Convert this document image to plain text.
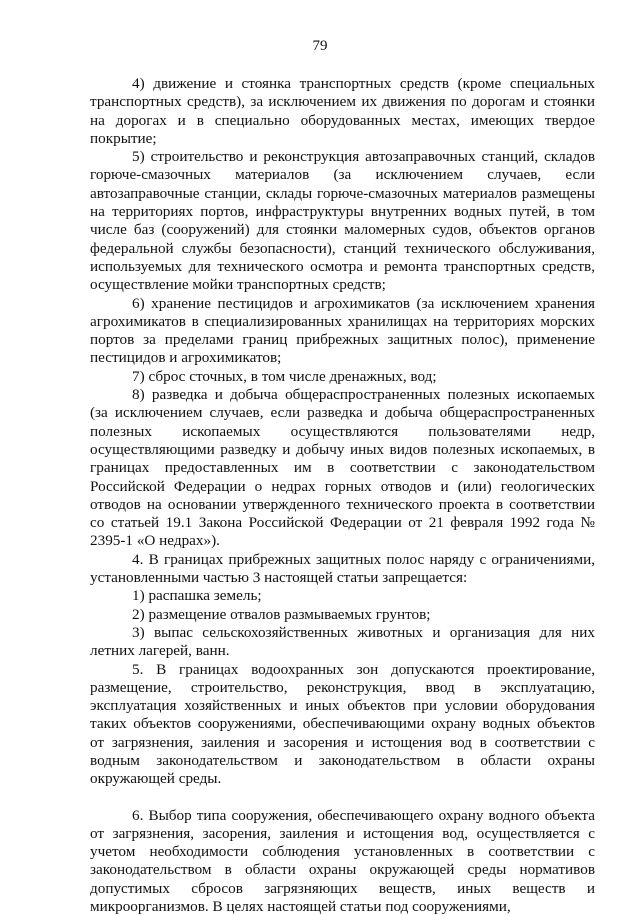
79

4) движение и стоянка транспортных средств (кроме специальных транспортных средств), за исключением их движения по дорогам и стоянки на дорогах и в специально оборудованных местах, имеющих твердое покрытие;

5) строительство и реконструкция автозаправочных станций, складов горюче-смазочных материалов (за исключением случаев, если автозаправочные станции, склады горюче-смазочных материалов размещены на территориях портов, инфраструктуры внутренних водных путей, в том числе баз (сооружений) для стоянки маломерных судов, объектов органов федеральной службы безопасности), станций технического обслуживания, используемых для технического осмотра и ремонта транспортных средств, осуществление мойки транспортных средств;

6) хранение пестицидов и агрохимикатов (за исключением хранения агрохимикатов в специализированных хранилищах на территориях морских портов за пределами границ прибрежных защитных полос), применение пестицидов и агрохимикатов;

7) сброс сточных, в том числе дренажных, вод;

8) разведка и добыча общераспространенных полезных ископаемых (за исключением случаев, если разведка и добыча общераспространенных полезных ископаемых осуществляются пользователями недр, осуществляющими разведку и добычу иных видов полезных ископаемых, в границах предоставленных им в соответствии с законодательством Российской Федерации о недрах горных отводов и (или) геологических отводов на основании утвержденного технического проекта в соответствии со статьей 19.1 Закона Российской Федерации от 21 февраля 1992 года № 2395-1 «О недрах»).

4. В границах прибрежных защитных полос наряду с ограничениями, установленными частью 3 настоящей статьи запрещается:

1) распашка земель;

2) размещение отвалов размываемых грунтов;

3) выпас сельскохозяйственных животных и организация для них летних лагерей, ванн.

5. В границах водоохранных зон допускаются проектирование, размещение, строительство, реконструкция, ввод в эксплуатацию, эксплуатация хозяйственных и иных объектов при условии оборудования таких объектов сооружениями, обеспечивающими охрану водных объектов от загрязнения, заиления и засорения и истощения вод в соответствии с водным законодательством и законодательством в области охраны окружающей среды.

6. Выбор типа сооружения, обеспечивающего охрану водного объекта от загрязнения, засорения, заиления и истощения вод, осуществляется с учетом необходимости соблюдения установленных в соответствии с законодательством в области охраны окружающей среды нормативов допустимых сбросов загрязняющих веществ, иных веществ и микроорганизмов. В целях настоящей статьи под сооружениями,
